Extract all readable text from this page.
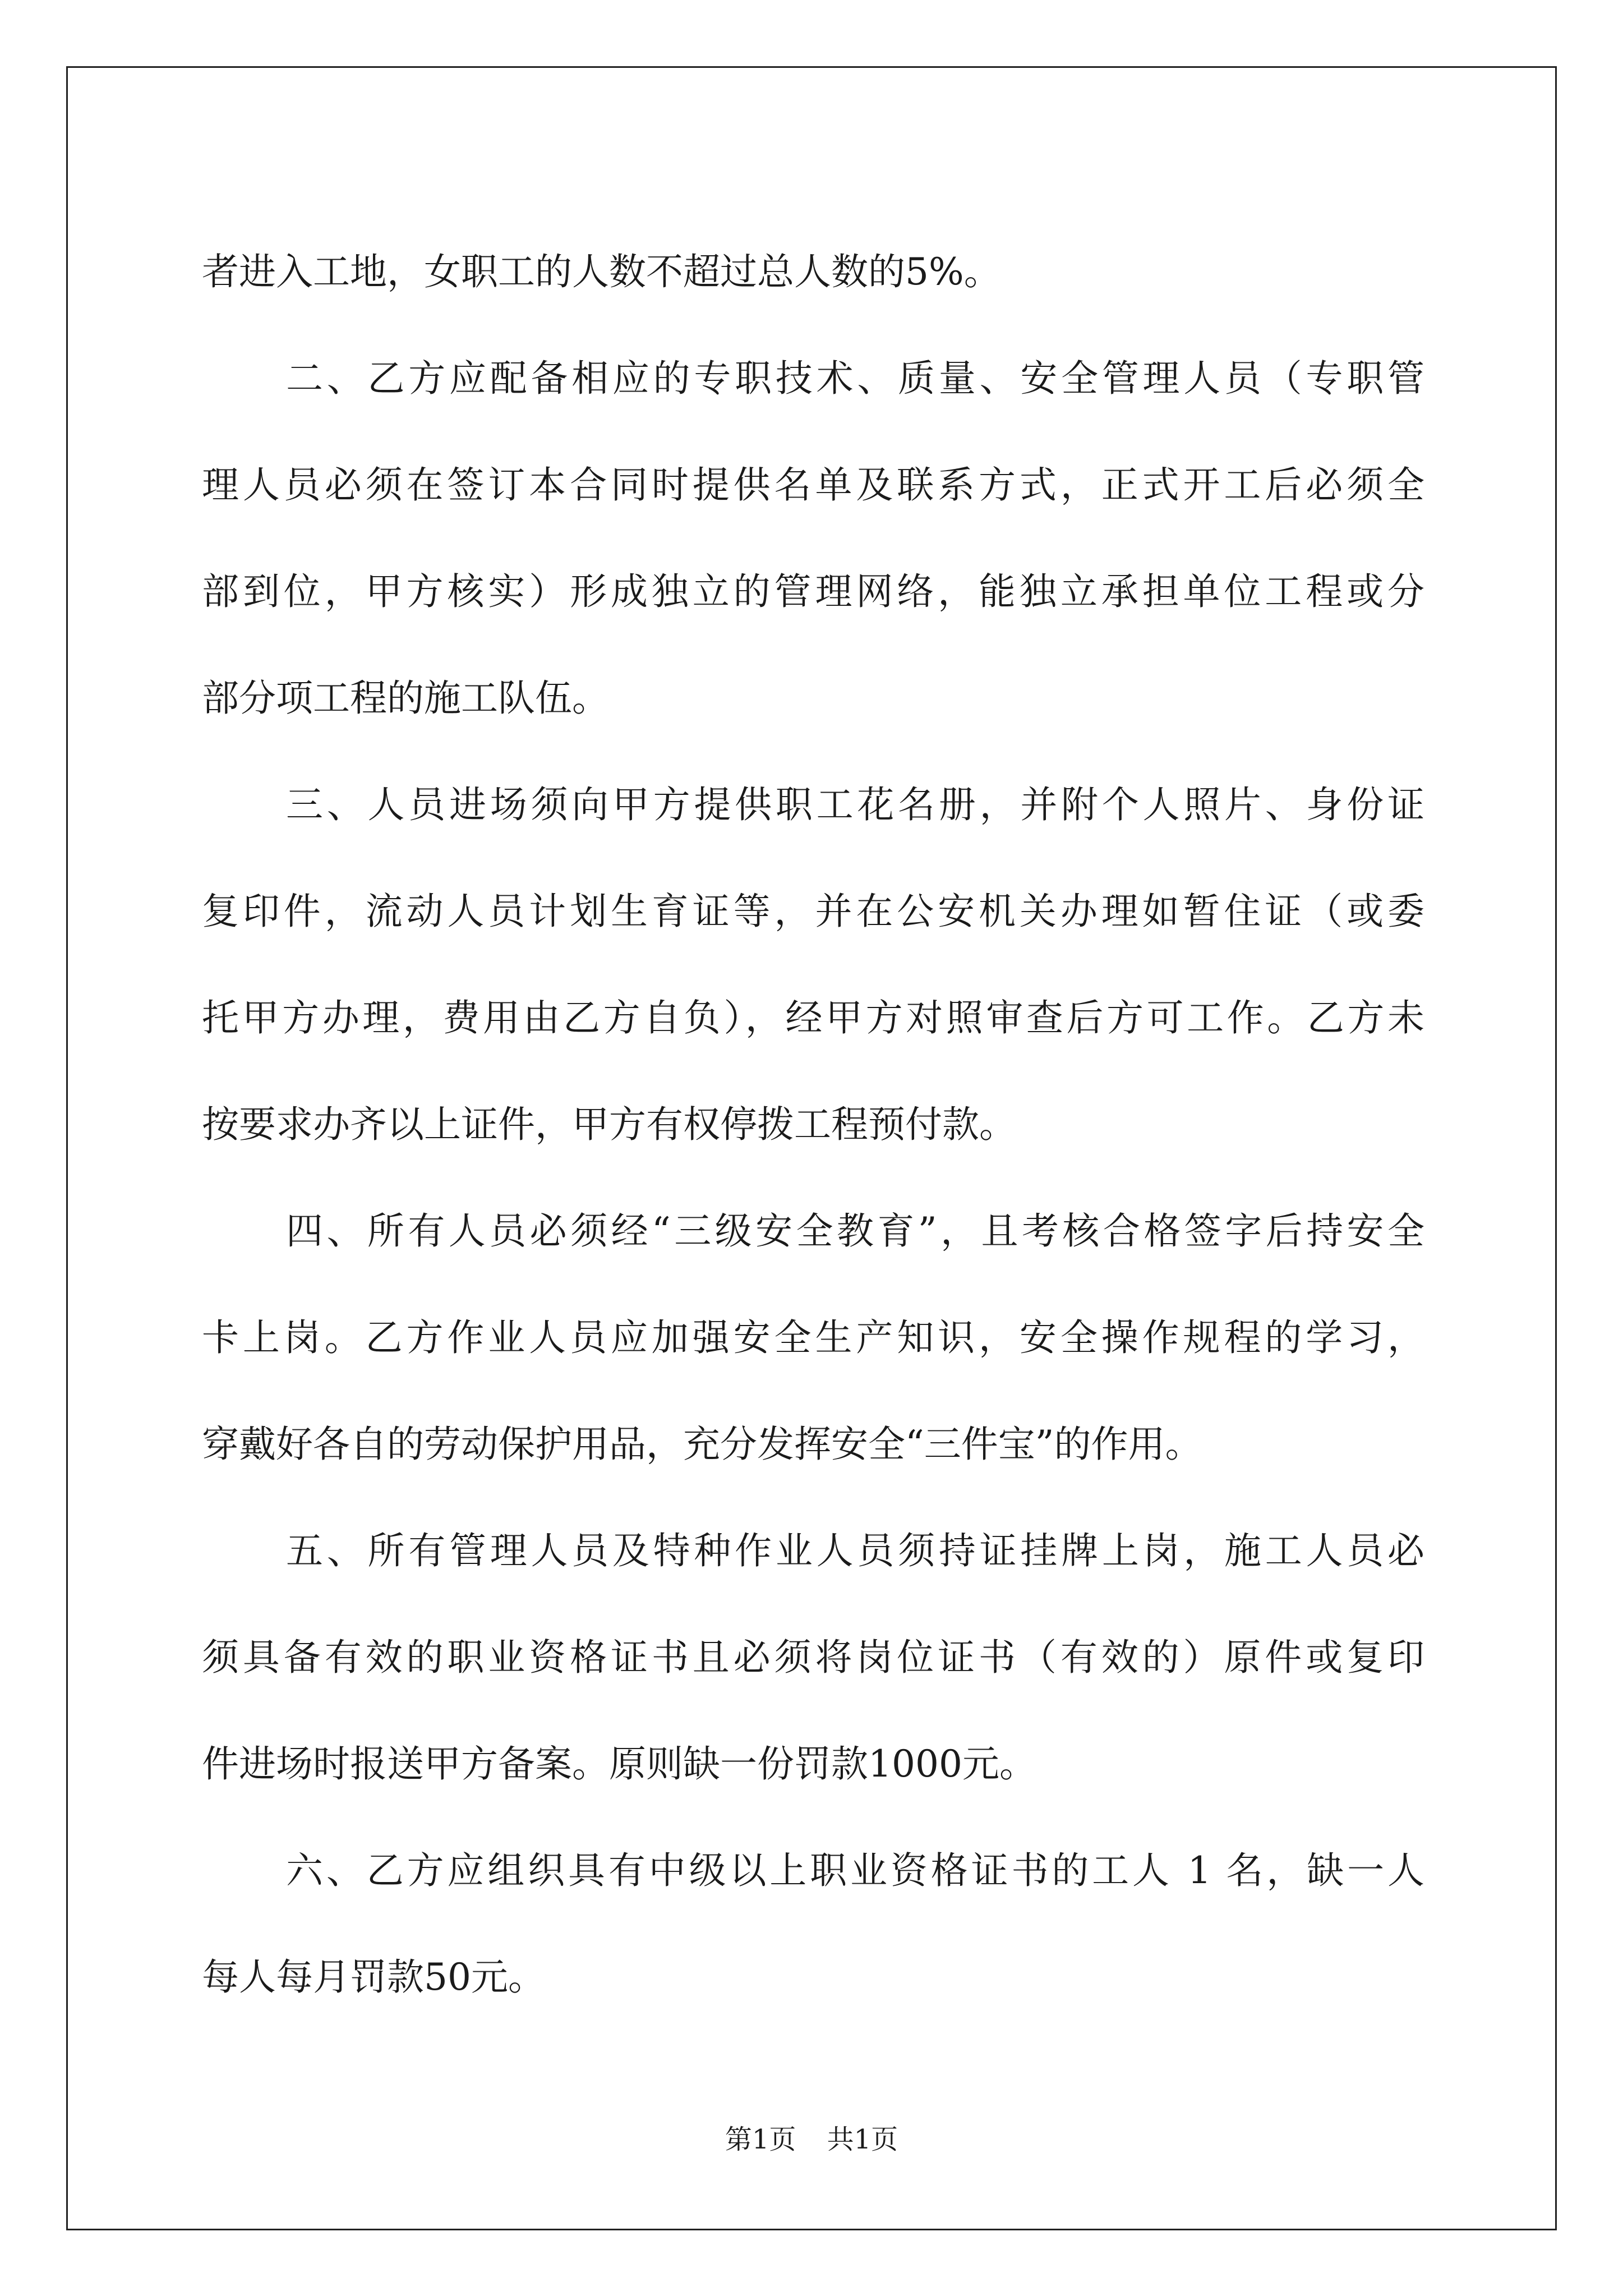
者进入工地，女职工的人数不超过总人数的5%。

二、乙方应配备相应的专职技术、质量、安全管理人员（专职管

理人员必须在签订本合同时提供名单及联系方式，正式开工后必须全

部到位，甲方核实）形成独立的管理网络，能独立承担单位工程或分

部分项工程的施工队伍。

三、人员进场须向甲方提供职工花名册，并附个人照片、身份证

复印件，流动人员计划生育证等，并在公安机关办理如暂住证（或委

托甲方办理，费用由乙方自负），经甲方对照审查后方可工作。乙方未

按要求办齐以上证件，甲方有权停拨工程预付款。

四、所有人员必须经“三级安全教育”，且考核合格签字后持安全

卡上岗。乙方作业人员应加强安全生产知识，安全操作规程的学习，

穿戴好各自的劳动保护用品，充分发挥安全“三件宝”的作用。

五、所有管理人员及特种作业人员须持证挂牌上岗，施工人员必

须具备有效的职业资格证书且必须将岗位证书（有效的）原件或复印

件进场时报送甲方备案。原则缺一份罚款1000元。

六、乙方应组织具有中级以上职业资格证书的工人 1 名，缺一人

每人每月罚款50元。

第1页 共1页
